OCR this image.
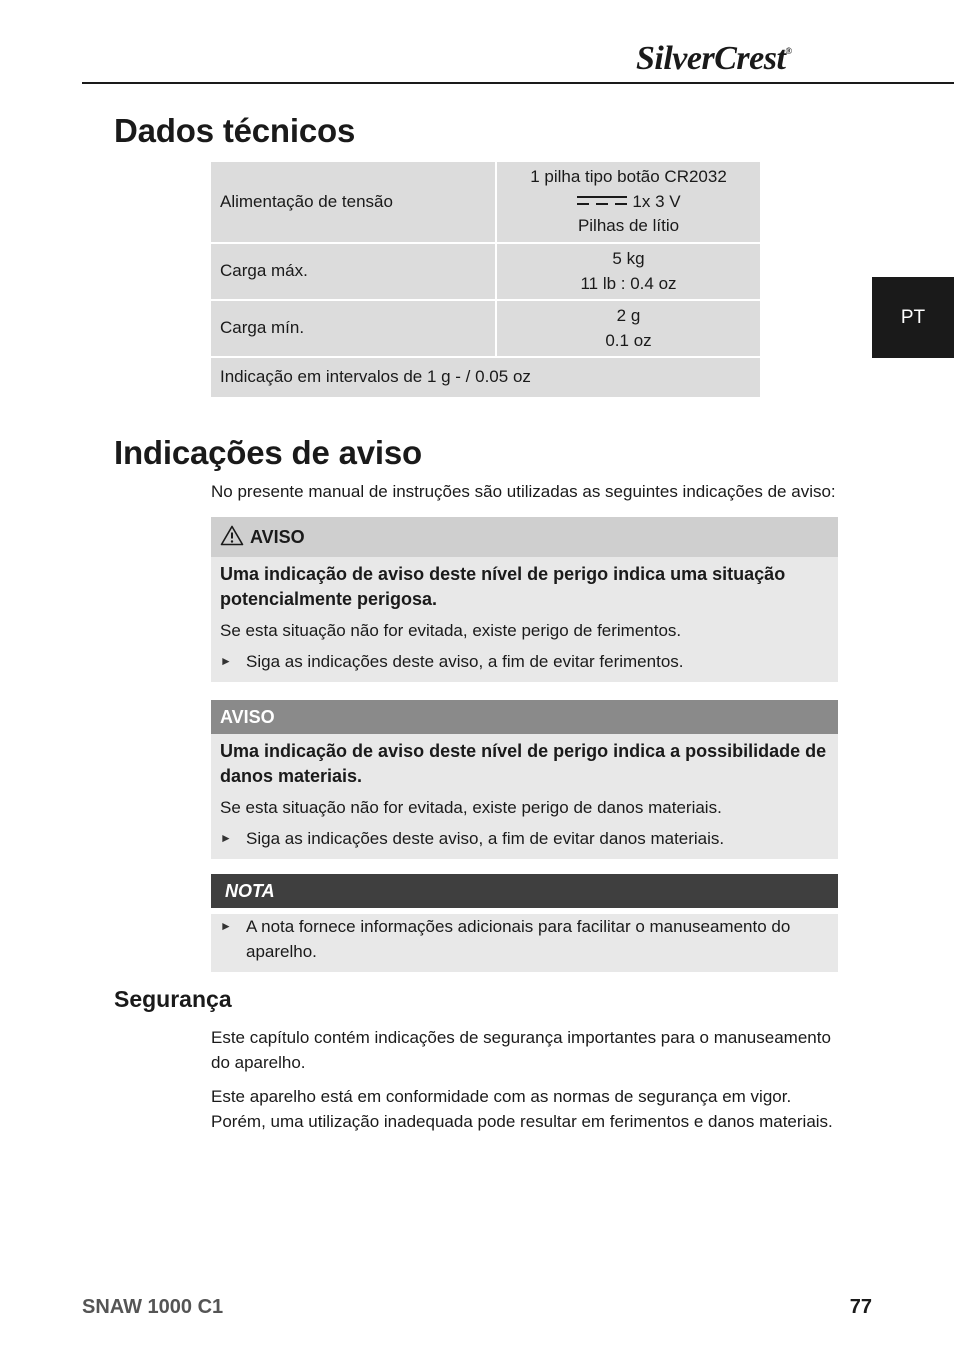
SilverCrest®
PT
Dados técnicos
Alimentação de tensão	1 pilha tipo botão CR2032
1x 3 V
Pilhas de lítio

Carga máx.	5 kg
11 lb : 0.4 oz

Carga mín.	2 g
0.1 oz

Indicação em intervalos de 1 g - / 0.05 oz	
Indicações de aviso
No presente manual de instruções são utilizadas as seguintes indicações de aviso:
AVISO
Uma indicação de aviso deste nível de perigo indica uma situação potencialmente perigosa.
Se esta situação não for evitada, existe perigo de ferimentos.
► Siga as indicações deste aviso, a fim de evitar ferimentos.
AVISO
Uma indicação de aviso deste nível de perigo indica a possibilidade de danos materiais.
Se esta situação não for evitada, existe perigo de danos materiais.
► Siga as indicações deste aviso, a fim de evitar danos materiais.
NOTA
► A nota fornece informações adicionais para facilitar o manuseamento do aparelho.
Segurança
Este capítulo contém indicações de segurança importantes para o manuseamento do aparelho.
Este aparelho está em conformidade com as normas de segurança em vigor. Porém, uma utilização inadequada pode resultar em ferimentos e danos materiais.
SNAW 1000 C1	77
